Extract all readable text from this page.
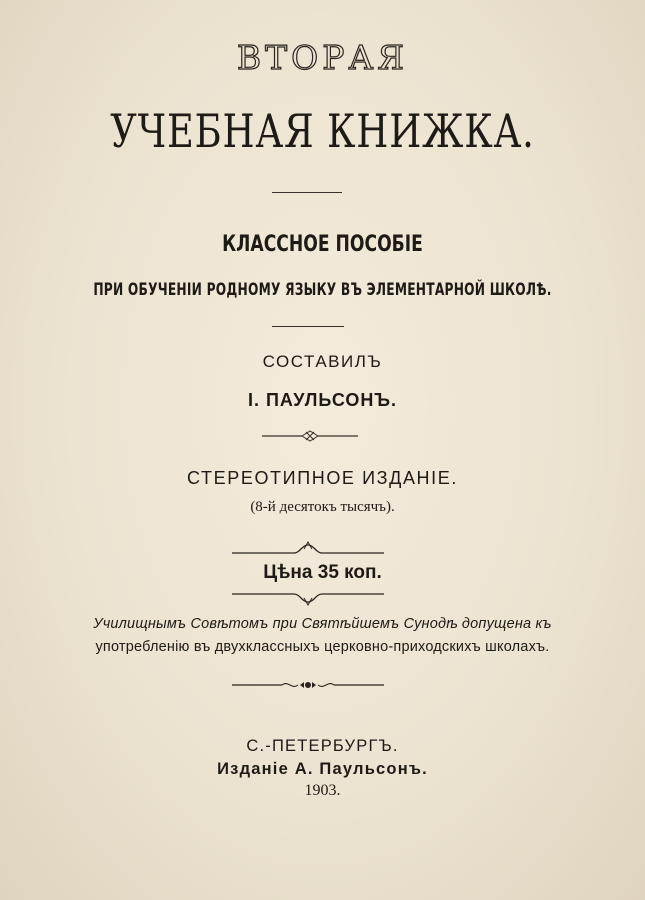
ВТОРАЯ
УЧЕБНАЯ КНИЖКА.
КЛАССНОЕ ПОСОБІЕ
ПРИ ОБУЧЕНІИ РОДНОМУ ЯЗЫКУ ВЪ ЭЛЕМЕНТАРНОЙ ШКОЛѢ.
СОСТАВИЛЪ
І. ПАУЛЬСОНЪ.
СТЕРЕОТИПНОЕ ИЗДАНІЕ.
(8-й десятокъ тысячъ).
Цѣна 35 коп.
Училищнымъ Совѣтомъ при Святѣйшемъ Сунодѣ допущена къ
употребленію въ двухклассныхъ церковно-приходскихъ школахъ.
С.-ПЕТЕРБУРГЪ.
Изданіе А. Паульсонъ.
1903.
